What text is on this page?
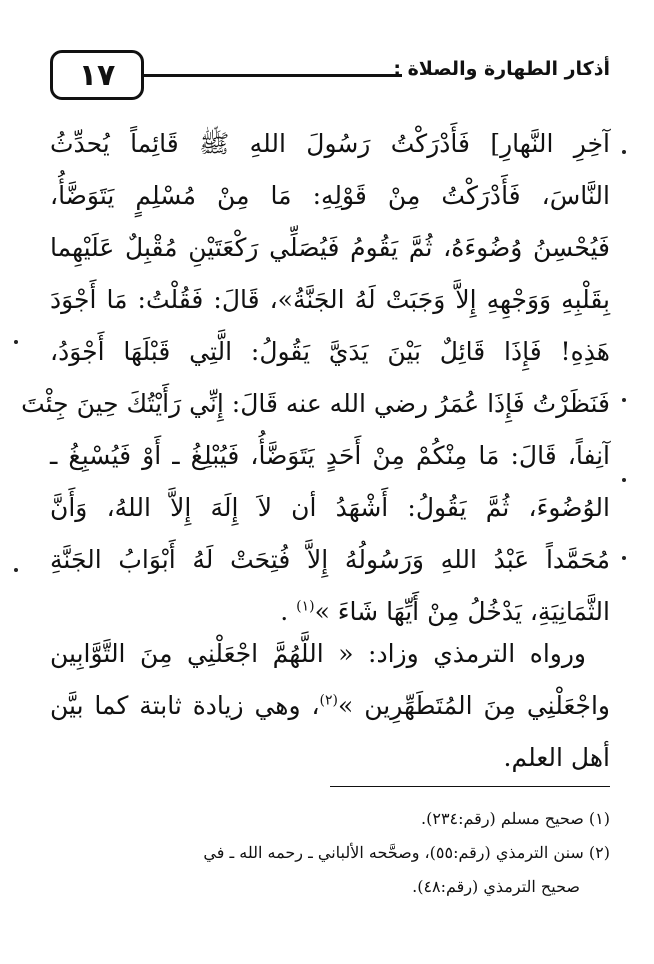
١٧	أذكار الطهارة والصلاة :
آخِرِ النَّهارِ] فَأَدْرَكْتُ رَسُولَ اللهِ ﷺ قَائِماً يُحدِّثُ
النَّاسَ، فَأَدْرَكْتُ مِنْ قَوْلِهِ: مَا مِنْ مُسْلِمٍ يَتَوَضَّأُ،
فَيُحْسِنُ وُضُوءَهُ، ثُمَّ يَقُومُ فَيُصَلِّي رَكْعَتَيْنِ مُقْبِلٌ عَلَيْهِما
بِقَلْبِهِ وَوَجْهِهِ إِلاَّ وَجَبَتْ لَهُ الجَنَّةُ»، قَالَ: فَقُلْتُ: مَا أَجْوَدَ
هَذِهِ! فَإِذَا قَائِلٌ بَيْنَ يَدَيَّ يَقُولُ: الَّتِي قَبْلَهَا أَجْوَدُ،
فَنَظَرْتُ فَإِذَا عُمَرُ رضي الله عنه قَالَ: إِنِّي رَأَيْتُكَ حِينَ جِئْتَ
آنِفاً، قَالَ: مَا مِنْكُمْ مِنْ أَحَدٍ يَتَوَضَّأُ، فَيُبْلِغُ ـ أَوْ فَيُسْبِغُ ـ
الوُضُوءَ، ثُمَّ يَقُولُ: أَشْهَدُ أن لاَ إِلَهَ إِلاَّ اللهُ، وَأَنَّ
مُحَمَّداً عَبْدُ اللهِ وَرَسُولُهُ إِلاَّ فُتِحَتْ لَهُ أَبْوَابُ الجَنَّةِ
الثَّمَانِيَةِ، يَدْخُلُ مِنْ أَيِّهَا شَاءَ »$^{(١)}$ .
ورواه الترمذي وزاد: « اللَّهُمَّ اجْعَلْنِي مِنَ التَّوَّابِين
واجْعَلْنِي مِنَ المُتَطَهِّرِين »$^{(٢)}$، وهي زيادة ثابتة كما بيَّن
أهل العلم.
(١) صحيح مسلم (رقم:٢٣٤).
(٢) سنن الترمذي (رقم:٥٥)، وصحَّحه الألباني ـ رحمه الله ـ في
صحيح الترمذي (رقم:٤٨).
